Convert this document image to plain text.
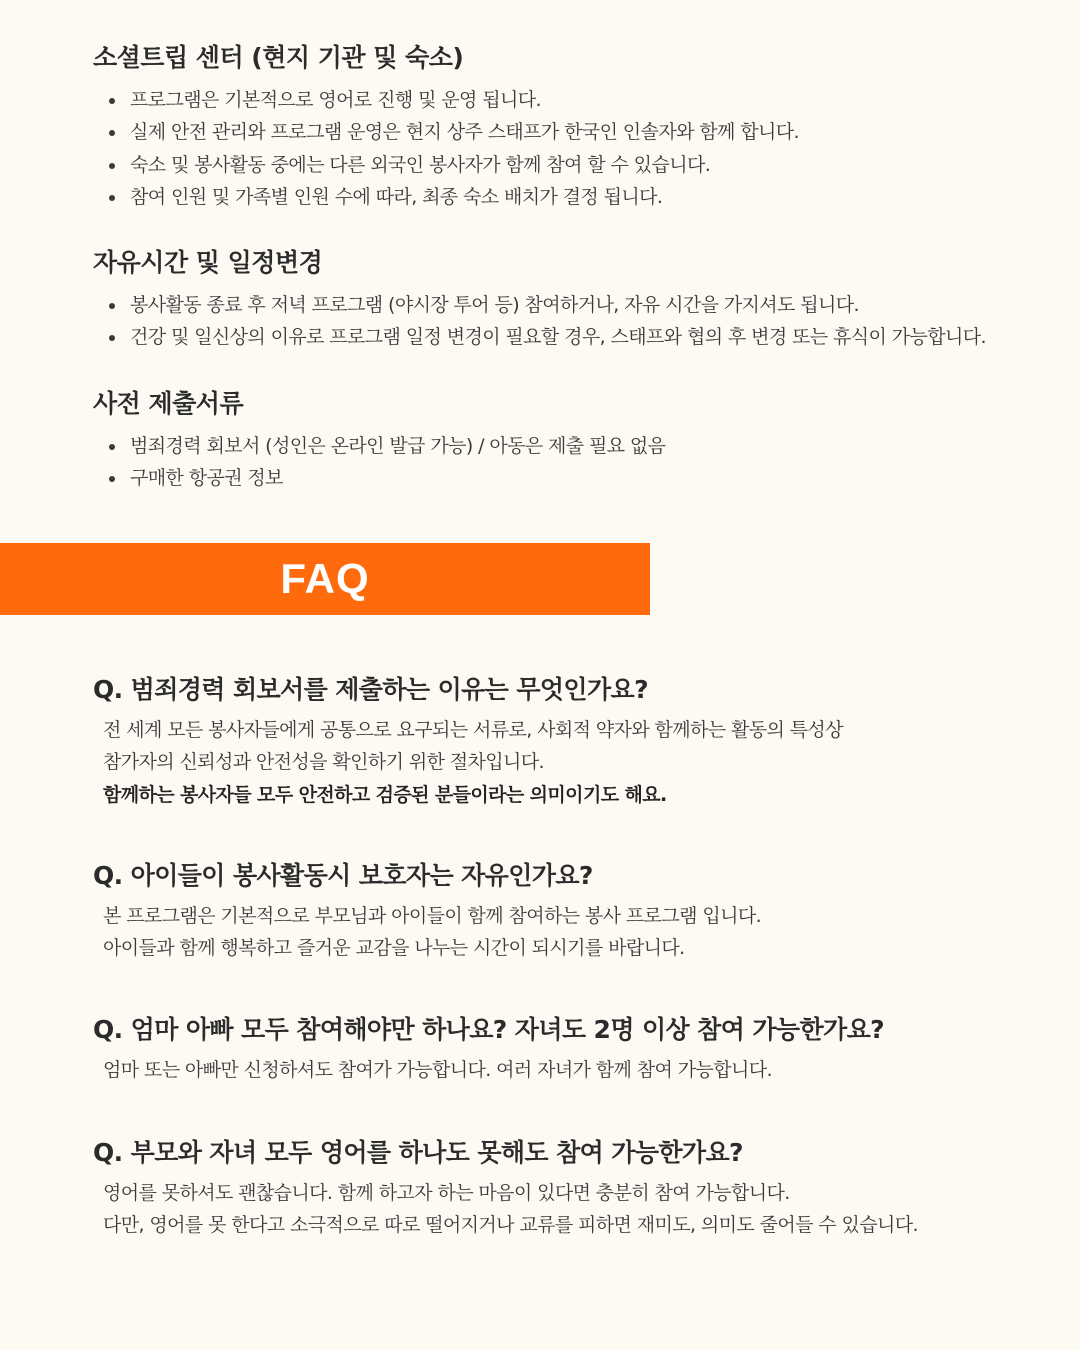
소셜트립 센터 (현지 기관 및 숙소)
프로그램은 기본적으로 영어로 진행 및 운영 됩니다.
실제 안전 관리와 프로그램 운영은 현지 상주 스태프가 한국인 인솔자와 함께 합니다.
숙소 및 봉사활동 중에는 다른 외국인 봉사자가 함께 참여 할 수 있습니다.
참여 인원 및 가족별 인원 수에 따라, 최종 숙소 배치가 결정 됩니다.
자유시간 및 일정변경
봉사활동 종료 후 저녁 프로그램 (야시장 투어 등) 참여하거나, 자유 시간을 가지셔도 됩니다.
건강 및 일신상의 이유로 프로그램 일정 변경이 필요할 경우, 스태프와 협의 후 변경 또는 휴식이 가능합니다.
사전 제출서류
범죄경력 회보서 (성인은 온라인 발급 가능) / 아동은 제출 필요 없음
구매한 항공권 정보
FAQ
Q. 범죄경력 회보서를 제출하는 이유는 무엇인가요?
전 세계 모든 봉사자들에게 공통으로 요구되는 서류로, 사회적 약자와 함께하는 활동의 특성상
참가자의 신뢰성과 안전성을 확인하기 위한 절차입니다.
함께하는 봉사자들 모두 안전하고 검증된 분들이라는 의미이기도 해요.
Q. 아이들이 봉사활동시 보호자는 자유인가요?
본 프로그램은 기본적으로 부모님과 아이들이 함께 참여하는 봉사 프로그램 입니다.
아이들과 함께 행복하고 즐거운 교감을 나누는 시간이 되시기를 바랍니다.
Q. 엄마 아빠 모두 참여해야만 하나요? 자녀도 2명 이상 참여 가능한가요?
엄마 또는 아빠만 신청하셔도 참여가 가능합니다. 여러 자녀가 함께 참여 가능합니다.
Q. 부모와 자녀 모두 영어를 하나도 못해도 참여 가능한가요?
영어를 못하셔도 괜찮습니다. 함께 하고자 하는 마음이 있다면 충분히 참여 가능합니다.
다만, 영어를 못 한다고 소극적으로 따로 떨어지거나 교류를 피하면 재미도, 의미도 줄어들 수 있습니다.
